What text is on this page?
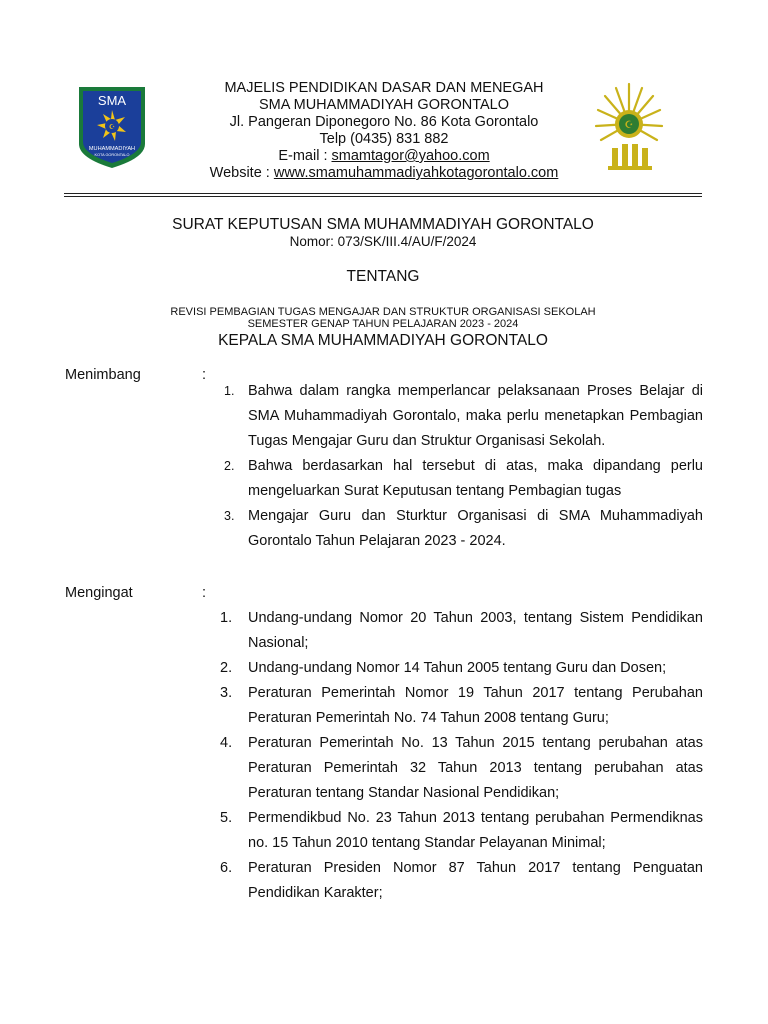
SMA
☪
MUHAMMADIYAH
KOTA GORONTALO
MAJELIS PENDIDIKAN DASAR DAN MENEGAH
SMA MUHAMMADIYAH GORONTALO
Jl. Pangeran Diponegoro No. 86 Kota Gorontalo
Telp (0435) 831 882
E-mail : smamtagor@yahoo.com
Website : www.smamuhammadiyahkotagorontalo.com
☪
SURAT KEPUTUSAN SMA MUHAMMADIYAH GORONTALO
Nomor: 073/SK/III.4/AU/F/2024
TENTANG
REVISI PEMBAGIAN TUGAS MENGAJAR DAN STRUKTUR ORGANISASI SEKOLAH
SEMESTER GENAP TAHUN PELAJARAN 2023 - 2024
KEPALA SMA MUHAMMADIYAH GORONTALO
Menimbang	:
1. Bahwa dalam rangka memperlancar pelaksanaan Proses Belajar di SMA Muhammadiyah Gorontalo, maka perlu menetapkan Pembagian Tugas Mengajar Guru dan Struktur Organisasi Sekolah.
2. Bahwa berdasarkan hal tersebut di atas, maka dipandang perlu mengeluarkan Surat Keputusan tentang Pembagian tugas
3. Mengajar Guru dan Sturktur Organisasi di SMA Muhammadiyah Gorontalo Tahun Pelajaran 2023 - 2024.
Mengingat	:
1.	Undang-undang Nomor 20 Tahun 2003, tentang Sistem Pendidikan Nasional;
2.	Undang-undang Nomor 14 Tahun 2005 tentang Guru dan Dosen;
3.	Peraturan Pemerintah Nomor 19 Tahun 2017 tentang Perubahan Peraturan Pemerintah No. 74 Tahun 2008 tentang Guru;
4.	Peraturan Pemerintah No. 13 Tahun 2015 tentang perubahan atas Peraturan Pemerintah 32 Tahun 2013 tentang perubahan atas Peraturan tentang Standar Nasional Pendidikan;
5.	Permendikbud No. 23 Tahun 2013 tentang perubahan Permendiknas no. 15 Tahun 2010 tentang Standar Pelayanan Minimal;
6.	Peraturan Presiden Nomor 87 Tahun 2017 tentang Penguatan Pendidikan Karakter;
